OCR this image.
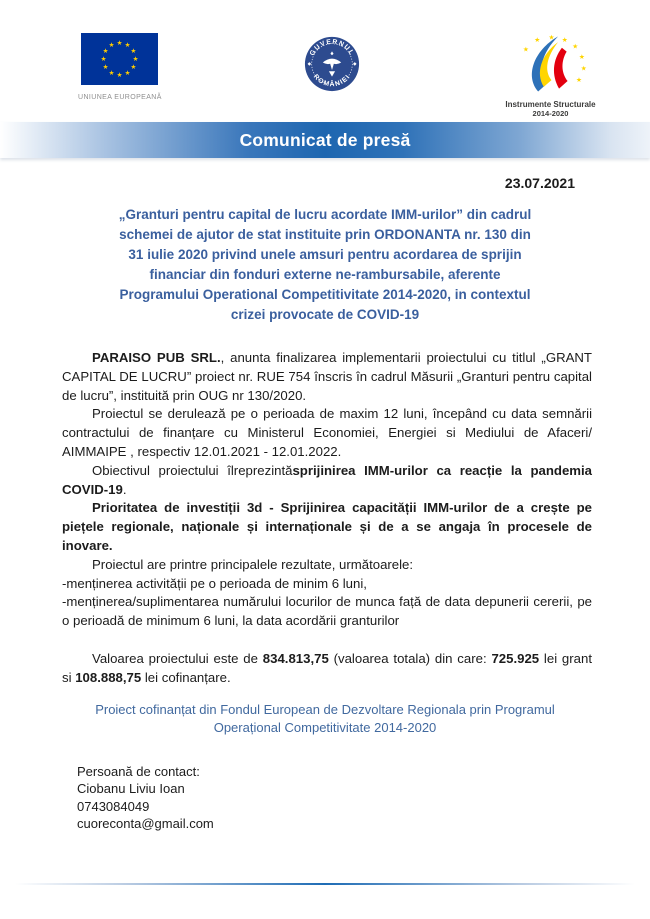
★ ★
★
★
★
★
★
★
★
★
★
★
UNIUNEA EUROPEANĂ
GUVERNUL
ROMÂNIEI
★ ★ ★
★
★
★
★
★
Instrumente Structurale
2014-2020
Comunicat de presă
23.07.2021
„Granturi pentru capital de lucru acordate IMM-urilor” din cadrul
schemei de ajutor de stat instituite prin ORDONANTA nr. 130 din
31 iulie 2020 privind unele amsuri pentru acordarea de sprijin
financiar din fonduri externe ne-rambursabile, aferente
Programului Operational Competitivitate 2014-2020, in contextul
crizei provocate de COVID-19

PARAISO PUB SRL., anunta finalizarea implementarii proiectului cu titlul „GRANT CAPITAL DE LUCRU” proiect nr. RUE 754 înscris în cadrul Măsurii „Granturi pentru capital de lucru”, instituită prin OUG nr 130/2020.

Proiectul se derulează pe o perioada de maxim 12 luni, începând cu data semnării contractului de finanțare cu Ministerul Economiei, Energiei si Mediului de Afaceri/ AIMMAIPE , respectiv 12.01.2021 - 12.01.2022.

Obiectivul proiectului îlreprezintăsprijinirea IMM-urilor ca reacție la pandemia COVID-19.

Prioritatea de investiții 3d - Sprijinirea capacității IMM-urilor de a crește pe piețele regionale, naționale și internaționale și de a se angaja în procesele de inovare.

Proiectul are printre principalele rezultate, următoarele:

-menținerea activității pe o perioada de minim 6 luni,

-menținerea/suplimentarea numărului locurilor de munca față de data depunerii cererii, pe o perioadă de minimum 6 luni, la data acordării granturilor

Valoarea proiectului este de 834.813,75 (valoarea totala) din care: 725.925 lei grant si 108.888,75 lei cofinanțare.

Proiect cofinanțat din Fondul European de Dezvoltare Regionala prin Programul Operațional Competitivitate 2014-2020
Persoană de contact:
Ciobanu Liviu Ioan
0743084049
cuoreconta@gmail.com
